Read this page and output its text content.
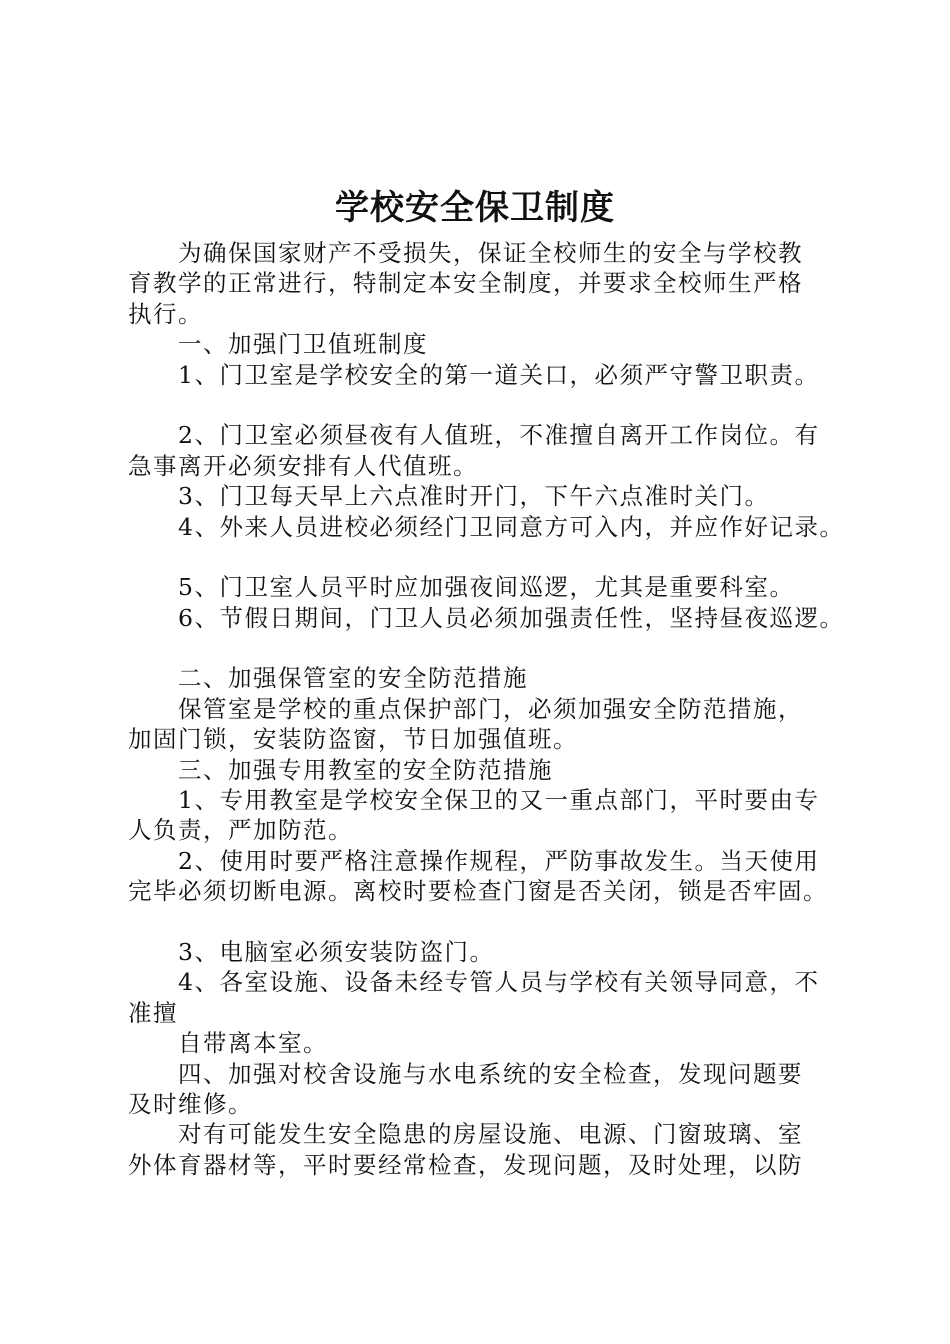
学校安全保卫制度
　　为确保国家财产不受损失，保证全校师生的安全与学校教
育教学的正常进行，特制定本安全制度，并要求全校师生严格
执行。
　　一、加强门卫值班制度
　　1、门卫室是学校安全的第一道关口，必须严守警卫职责。
　　2、门卫室必须昼夜有人值班，不准擅自离开工作岗位。有
急事离开必须安排有人代值班。
　　3、门卫每天早上六点准时开门，下午六点准时关门。
　　4、外来人员进校必须经门卫同意方可入内，并应作好记录。
　　5、门卫室人员平时应加强夜间巡逻，尤其是重要科室。
　　6、节假日期间，门卫人员必须加强责任性，坚持昼夜巡逻。
　　二、加强保管室的安全防范措施
　　保管室是学校的重点保护部门，必须加强安全防范措施，
加固门锁，安装防盗窗，节日加强值班。
　　三、加强专用教室的安全防范措施
　　1、专用教室是学校安全保卫的又一重点部门，平时要由专
人负责，严加防范。
　　2、使用时要严格注意操作规程，严防事故发生。当天使用
完毕必须切断电源。离校时要检查门窗是否关闭，锁是否牢固。
　　3、电脑室必须安装防盗门。
　　4、各室设施、设备未经专管人员与学校有关领导同意，不
准擅
　　自带离本室。
　　四、加强对校舍设施与水电系统的安全检查，发现问题要
及时维修。
　　对有可能发生安全隐患的房屋设施、电源、门窗玻璃、室
外体育器材等，平时要经常检查，发现问题，及时处理，以防
